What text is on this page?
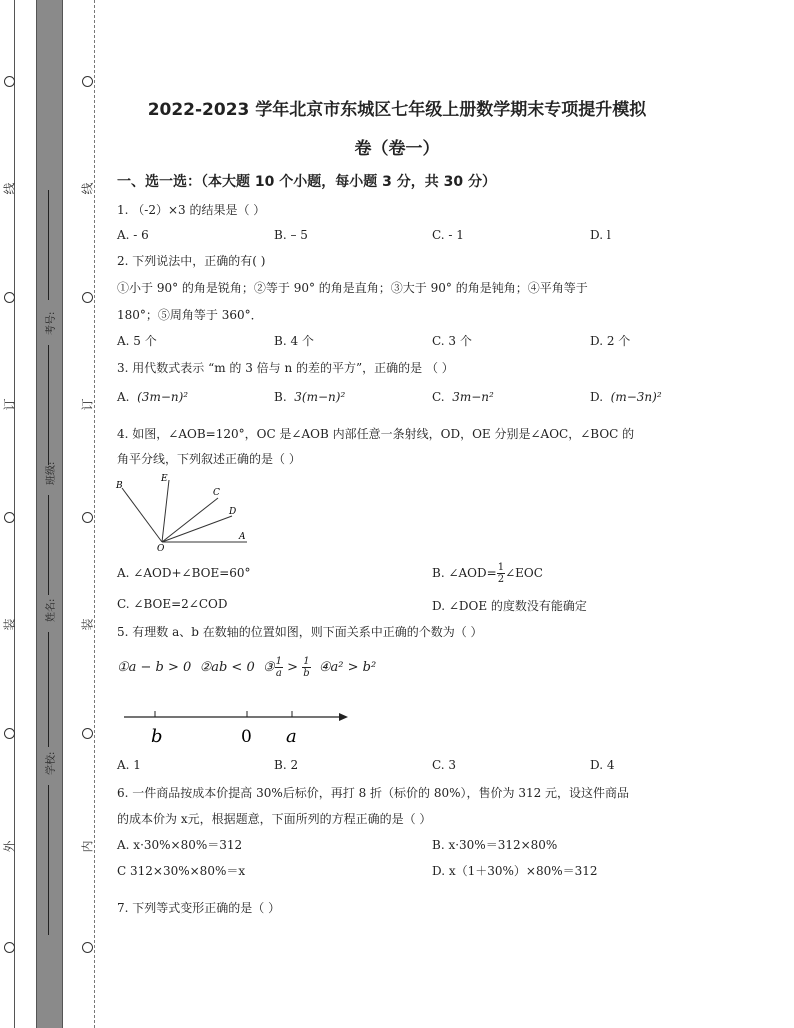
线
订
装
外
线
订
装
内
考号:
班级:
姓名:
学校:
2022-2023 学年北京市东城区七年级上册数学期末专项提升模拟
卷（卷一）
一、选一选：（本大题 10 个小题，每小题 3 分，共 30 分）
1. （-2）×3 的结果是（ ）
A. - 6	B. – 5	C. - 1	D. l
2. 下列说法中，正确的有( )
①小于 90° 的角是锐角；②等于 90° 的角是直角；③大于 90° 的角是钝角；④平角等于
180°；⑤周角等于 360°．
A. 5 个	B. 4 个	C. 3 个	D. 2 个
3. 用代数式表示 “m 的 3 倍与 n 的差的平方”，正确的是 （ ）
A. (3m−n)²	B. 3(m−n)²	C. 3m−n²	D. (m−3n)²
4. 如图，∠AOB=120°，OC 是∠AOB 内部任意一条射线，OD，OE 分别是∠AOC，∠BOC 的
角平分线，下列叙述正确的是（ ）
B
E
C
D
A
O
A. ∠AOD+∠BOE=60°	B. ∠AOD= $\frac{1}{2}$ ∠EOC
C. ∠BOE=2∠COD	D. ∠DOE 的度数没有能确定
5. 有理数 a、b 在数轴的位置如图，则下面关系中正确的个数为（ ）
①a − b > 0 ②ab < 0 ③ $\frac{1}{a} > \frac{1}{b}$ ④a² > b²
b	0 a
A. 1	B. 2	C. 3	D. 4
6. 一件商品按成本价提高 30%后标价，再打 8 折（标价的 80%），售价为 312 元，设这件商品
的成本价为 x元，根据题意，下面所列的方程正确的是（ ）
A. x·30%×80%＝312	B. x·30%＝312×80%
C 312×30%×80%＝x	D. x（1＋30%）×80%＝312
7. 下列等式变形正确的是（ ）
